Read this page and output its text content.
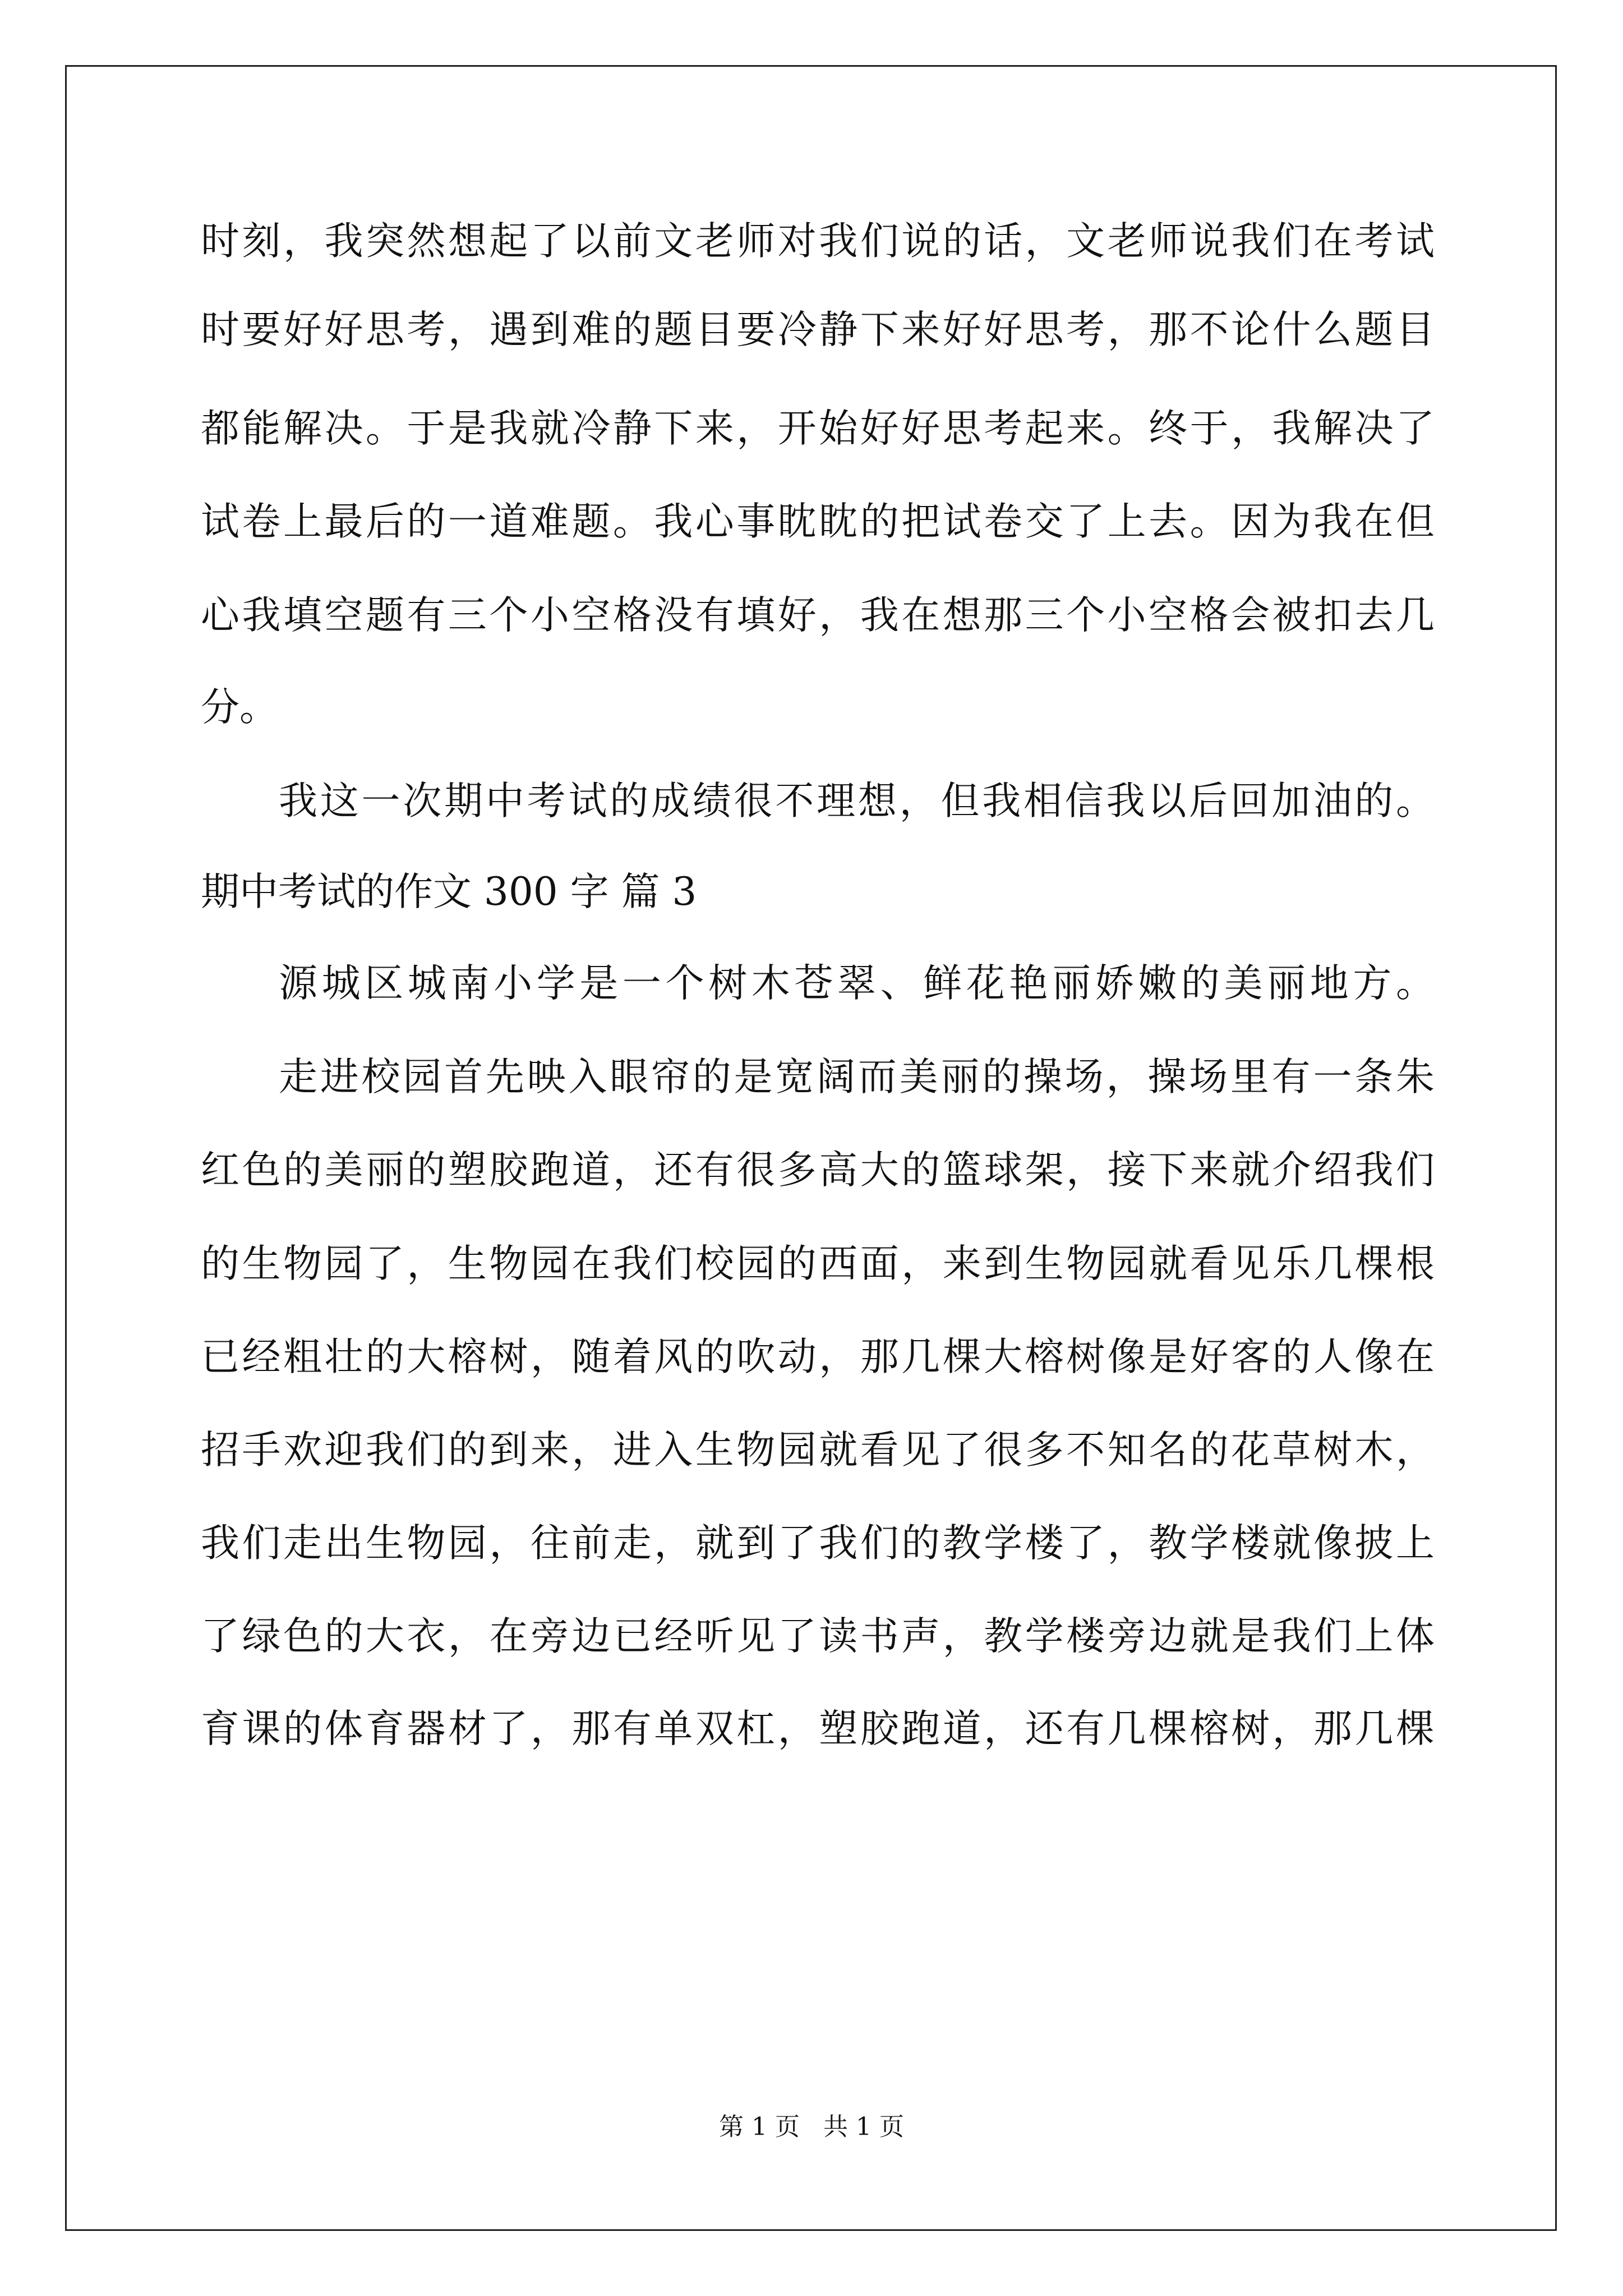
时刻，我突然想起了以前文老师对我们说的话，文老师说我们在考试
时要好好思考，遇到难的题目要冷静下来好好思考，那不论什么题目
都能解决。于是我就冷静下来，开始好好思考起来。终于，我解决了
试卷上最后的一道难题。我心事眈眈的把试卷交了上去。因为我在但
心我填空题有三个小空格没有填好，我在想那三个小空格会被扣去几
分。
我这一次期中考试的成绩很不理想，但我相信我以后回加油的。
期中考试的作文 300 字 篇 3
源城区城南小学是一个树木苍翠、鲜花艳丽娇嫩的美丽地方。
走进校园首先映入眼帘的是宽阔而美丽的操场，操场里有一条朱
红色的美丽的塑胶跑道，还有很多高大的篮球架，接下来就介绍我们
的生物园了，生物园在我们校园的西面，来到生物园就看见乐几棵根
已经粗壮的大榕树，随着风的吹动，那几棵大榕树像是好客的人像在
招手欢迎我们的到来，进入生物园就看见了很多不知名的花草树木，
我们走出生物园，往前走，就到了我们的教学楼了，教学楼就像披上
了绿色的大衣，在旁边已经听见了读书声，教学楼旁边就是我们上体
育课的体育器材了，那有单双杠，塑胶跑道，还有几棵榕树，那几棵
第 1 页   共 1 页
